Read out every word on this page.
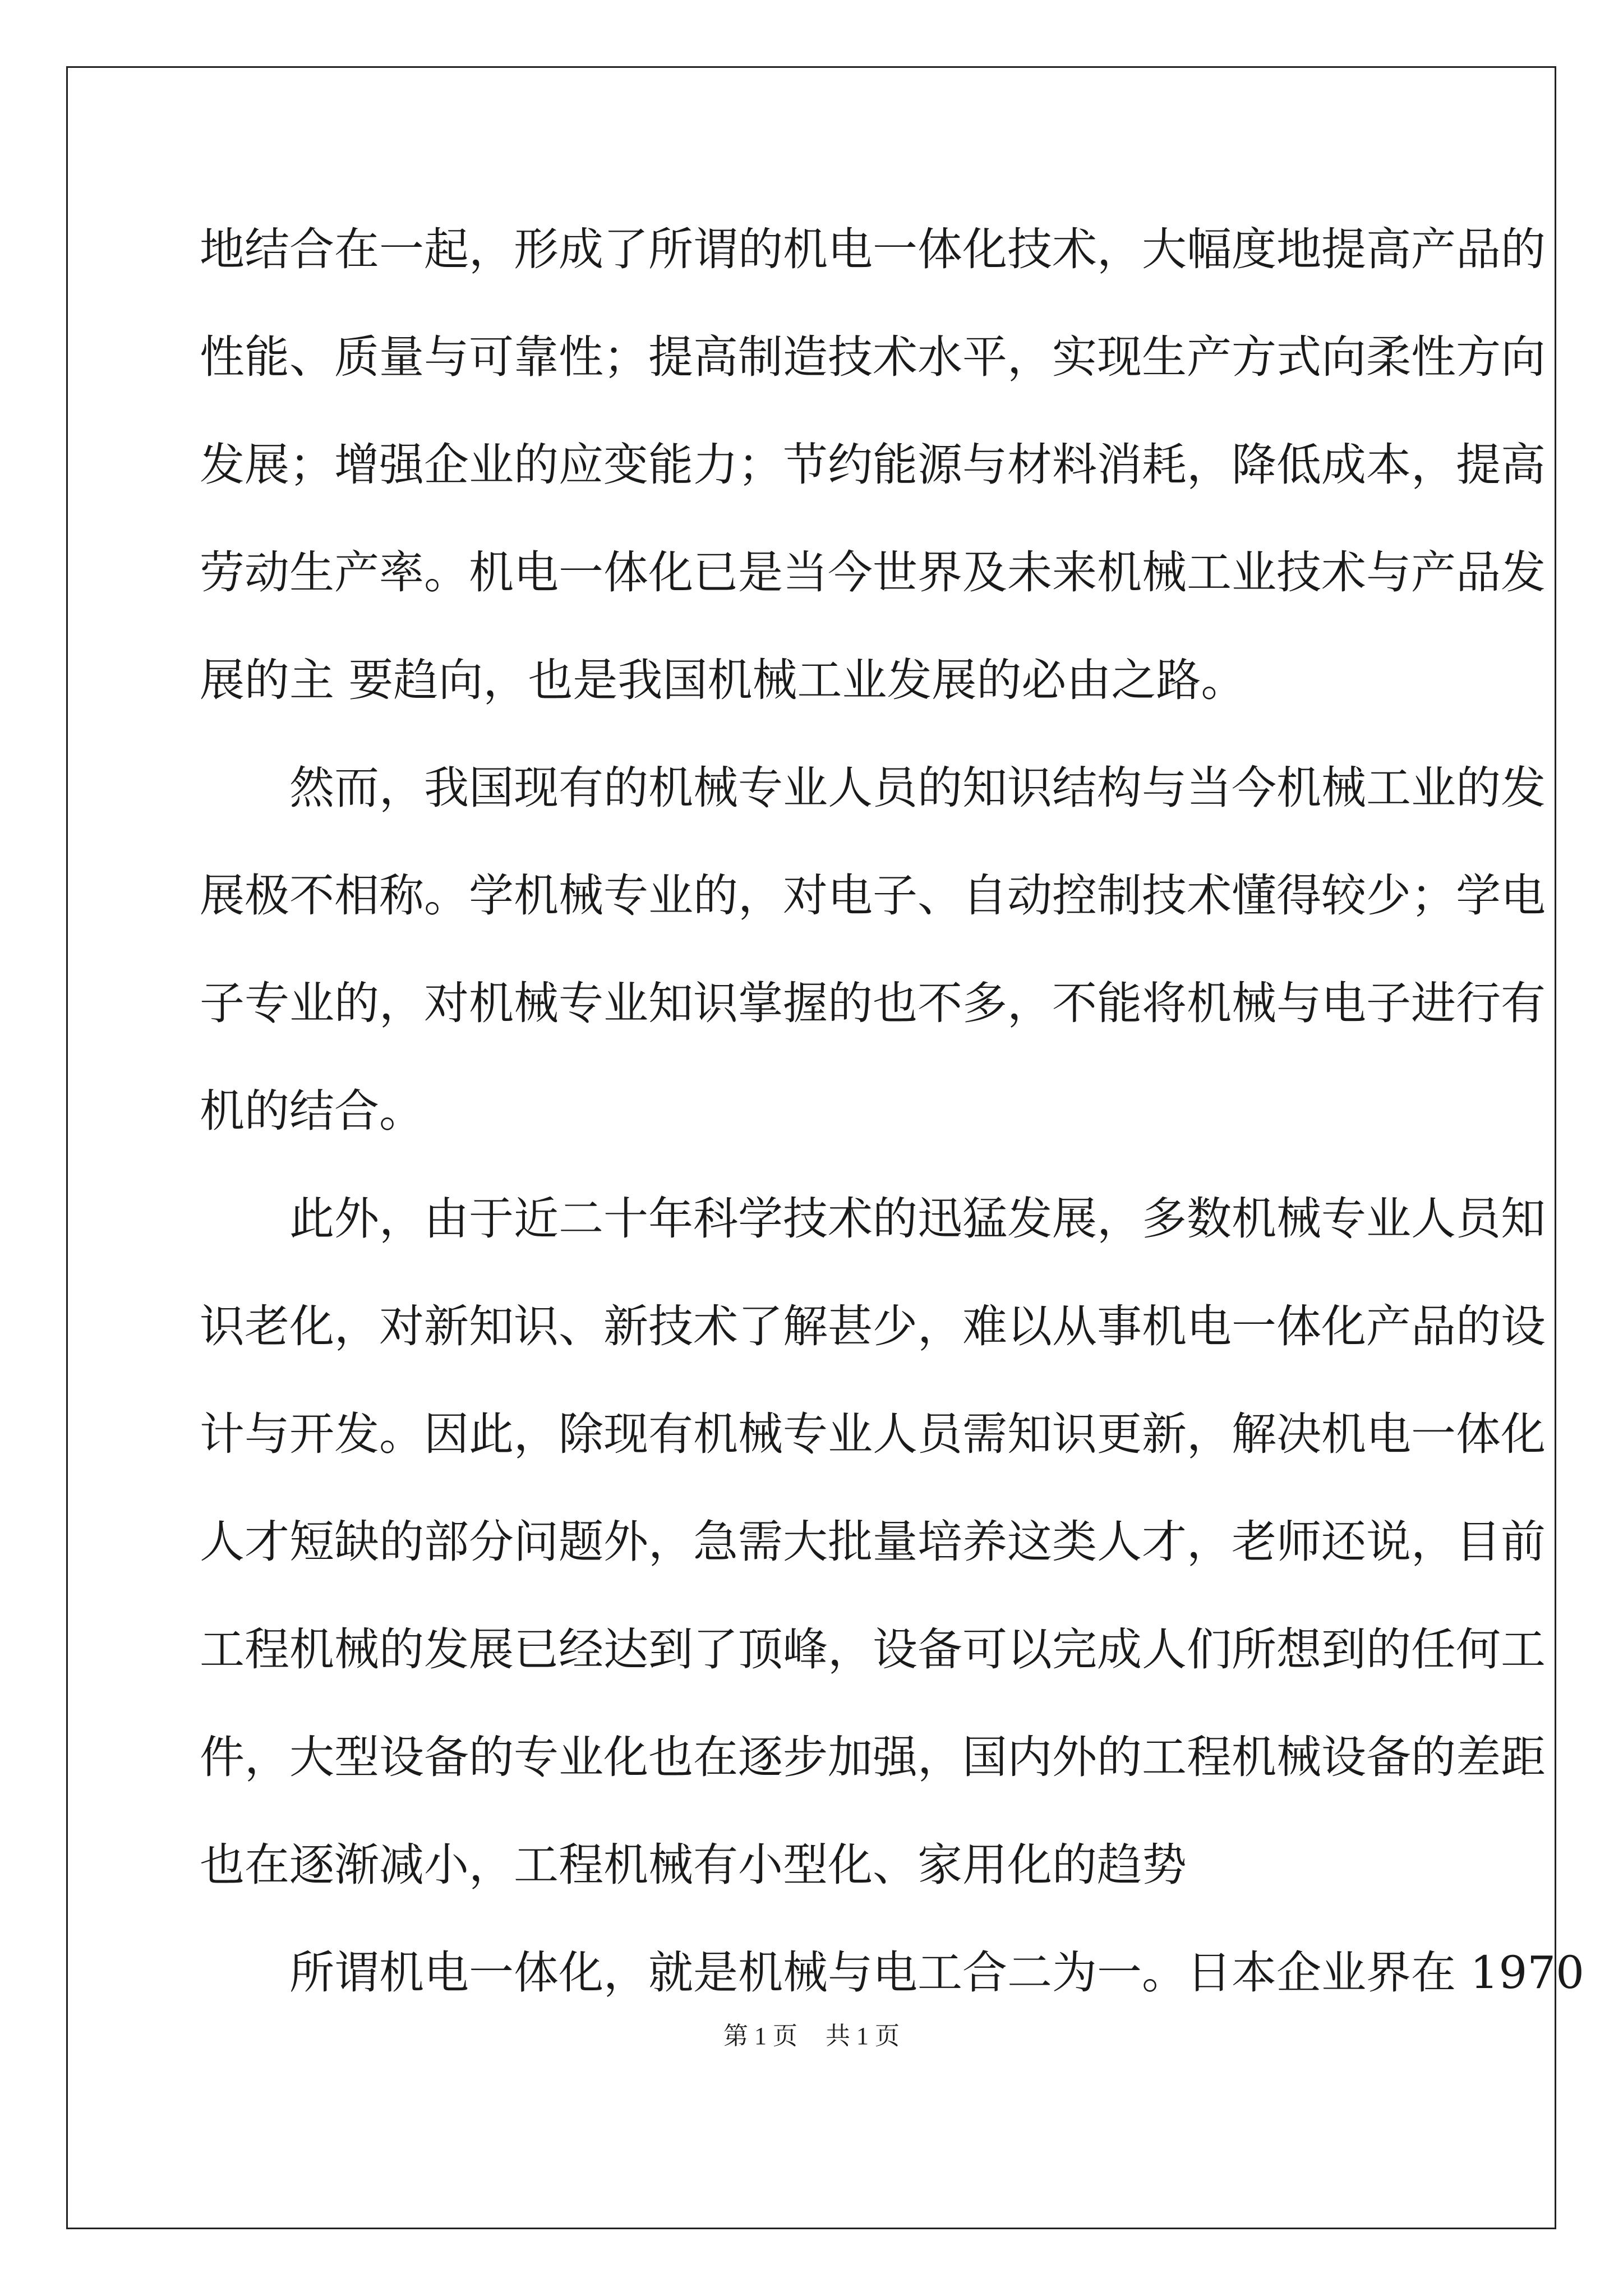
地结合在一起，形成了所谓的机电一体化技术，大幅度地提高产品的
性能、质量与可靠性；提高制造技术水平，实现生产方式向柔性方向
发展；增强企业的应变能力；节约能源与材料消耗，降低成本，提高
劳动生产率。机电一体化已是当今世界及未来机械工业技术与产品发
展的主 要趋向，也是我国机械工业发展的必由之路。
　　然而，我国现有的机械专业人员的知识结构与当今机械工业的发
展极不相称。学机械专业的，对电子、自动控制技术懂得较少；学电
子专业的，对机械专业知识掌握的也不多，不能将机械与电子进行有
机的结合。
　　此外，由于近二十年科学技术的迅猛发展，多数机械专业人员知
识老化，对新知识、新技术了解甚少，难以从事机电一体化产品的设
计与开发。因此，除现有机械专业人员需知识更新，解决机电一体化
人才短缺的部分问题外，急需大批量培养这类人才，老师还说，目前
工程机械的发展已经达到了顶峰，设备可以完成人们所想到的任何工
件，大型设备的专业化也在逐步加强，国内外的工程机械设备的差距
也在逐渐减小，工程机械有小型化、家用化的趋势
　　所谓机电一体化，就是机械与电工合二为一。日本企业界在 1970
第 1 页 共 1 页
